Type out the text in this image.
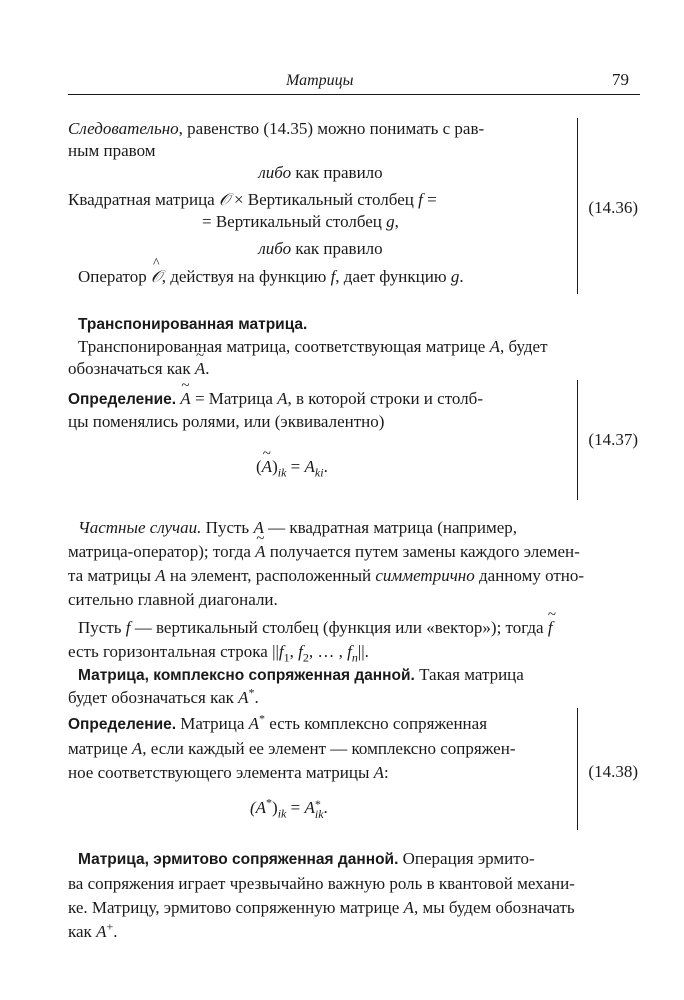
Матрицы	79
Следовательно, равенство (14.35) можно понимать с рав-
ным правом
(14.36)
либо как правило
Квадратная матрица 𝒪 × Вертикальный столбец f =
= Вертикальный столбец g,
либо как правило
Оператор ^ 𝒪, действуя на функцию f, дает функцию g.
Транспонированная матрица.
Транспонированная матрица, соответствующая матрице A, будет
обозначаться как ~ A.
(14.37)
Определение. ~ A = Матрица A, в которой строки и столб-
цы поменялись ролями, или (эквивалентно)
(~ $A)_{ik} = A_{ki}$.
Частные случаи. Пусть A — квадратная матрица (например,
матрица-оператор); тогда ~ A получается путем замены каждого элемен-
та матрицы A на элемент, расположенный симметрично данному отно-
сительно главной диагонали.
Пусть f — вертикальный столбец (функция или «вектор»); тогда ~ f
есть горизонтальная строка $||f_1$, $f_2$, … , $f_n||$.
Матрица, комплексно сопряженная данной. Такая матрица
будет обозначаться как A*.
(14.38)
Определение. Матрица A* есть комплексно сопряженная
матрице A, если каждый ее элемент — комплексно сопряжен-
ное соответствующего элемента матрицы A:
$(A^*)_{ik} = A$ *
ik .
Матрица, эрмитово сопряженная данной. Операция эрмито-
ва сопряжения играет чрезвычайно важную роль в квантовой механи-
ке. Матрицу, эрмитово сопряженную матрице A, мы будем обозначать
как A+.
